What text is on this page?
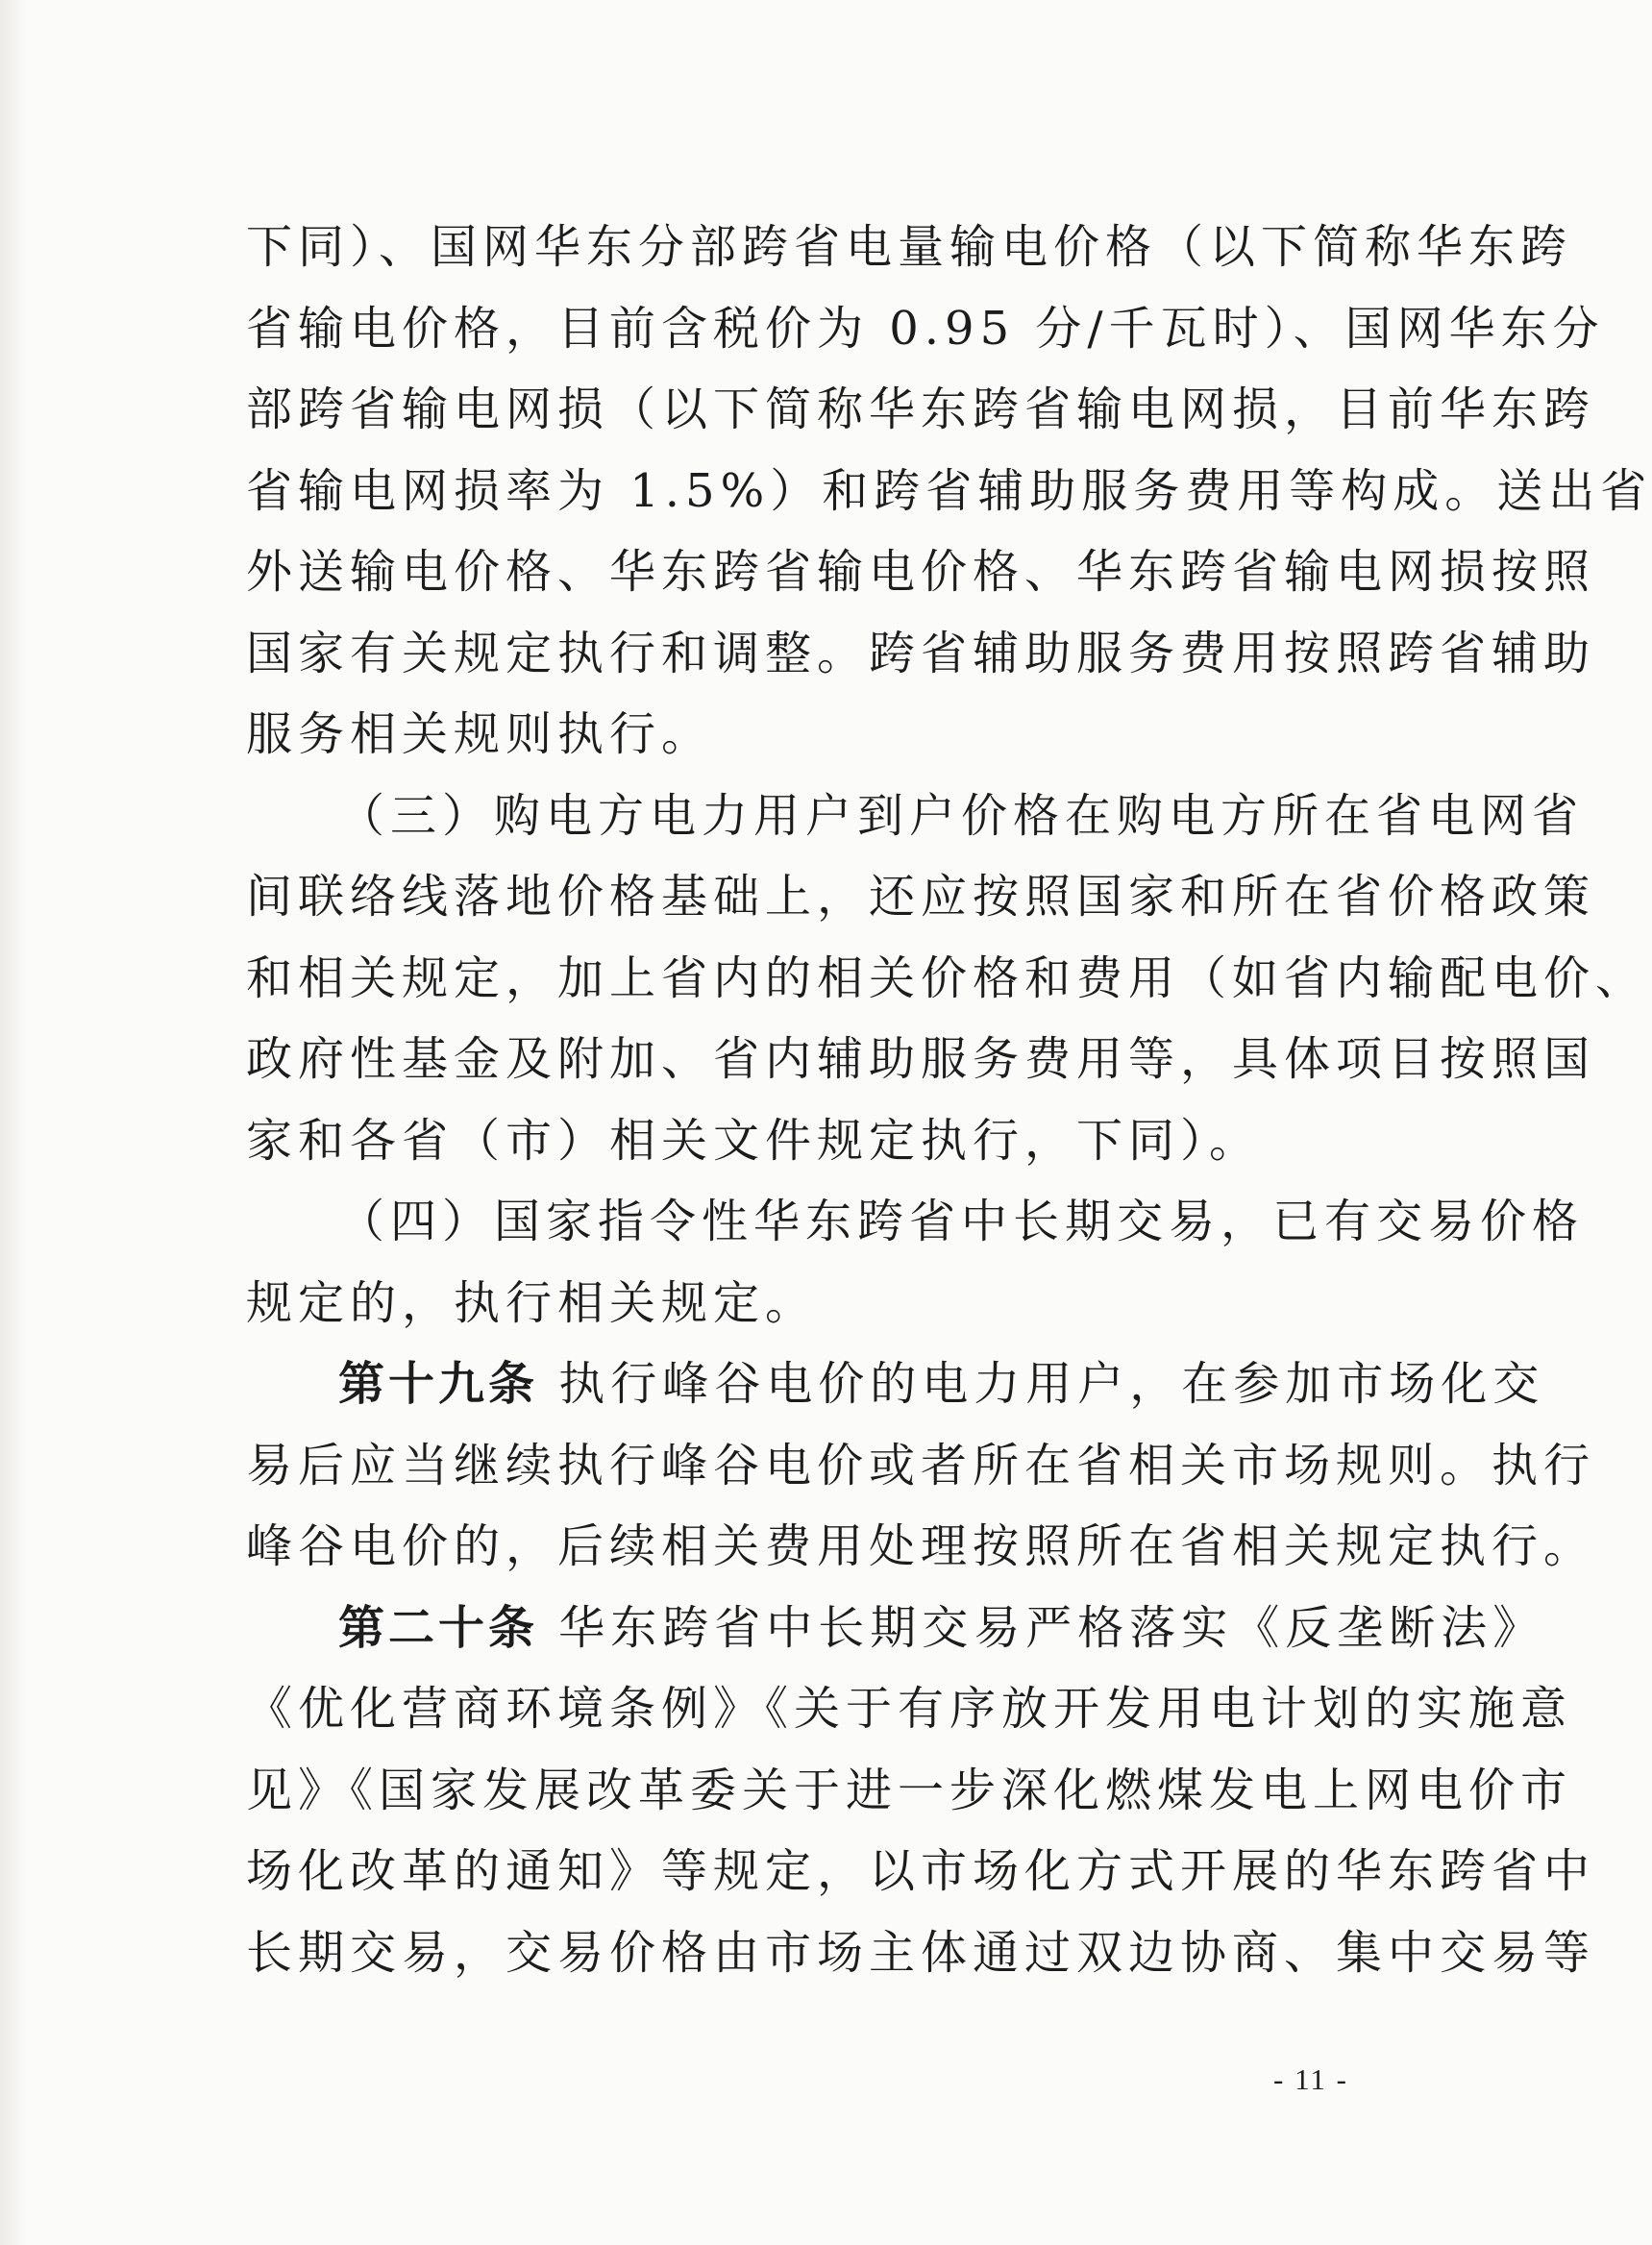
下同）、国网华东分部跨省电量输电价格（以下简称华东跨
省输电价格，目前含税价为 0.95 分/千瓦时）、国网华东分
部跨省输电网损（以下简称华东跨省输电网损，目前华东跨
省输电网损率为 1.5%）和跨省辅助服务费用等构成。送出省
外送输电价格、华东跨省输电价格、华东跨省输电网损按照
国家有关规定执行和调整。跨省辅助服务费用按照跨省辅助
服务相关规则执行。
（三）购电方电力用户到户价格在购电方所在省电网省
间联络线落地价格基础上，还应按照国家和所在省价格政策
和相关规定，加上省内的相关价格和费用（如省内输配电价、
政府性基金及附加、省内辅助服务费用等，具体项目按照国
家和各省（市）相关文件规定执行，下同）。
（四）国家指令性华东跨省中长期交易，已有交易价格
规定的，执行相关规定。
第十九条 执行峰谷电价的电力用户，在参加市场化交
易后应当继续执行峰谷电价或者所在省相关市场规则。执行
峰谷电价的，后续相关费用处理按照所在省相关规定执行。
第二十条 华东跨省中长期交易严格落实《反垄断法》
《优化营商环境条例》《关于有序放开发用电计划的实施意
见》《国家发展改革委关于进一步深化燃煤发电上网电价市
场化改革的通知》等规定，以市场化方式开展的华东跨省中
长期交易，交易价格由市场主体通过双边协商、集中交易等
- 11 -
